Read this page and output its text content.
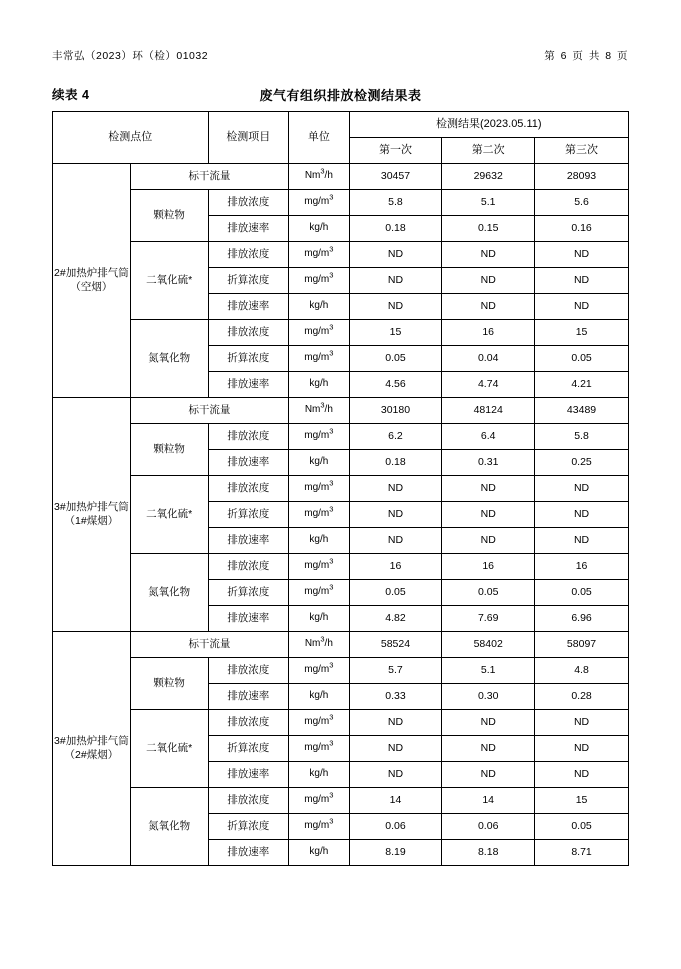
丰常弘（2023）环（检）01032	第 6 页 共 8 页
续表 4	废气有组织排放检测结果表
检测点位		检测项目	单位	检测结果(2023.05.11)		
				第一次	第二次	第三次
2#加热炉排气筒（空烟）	标干流量		Nm$^3$/h	30457	29632	28093
	颗粒物	排放浓度	$mg/m^3$	5.8	5.1	5.6
		排放速率	kg/h	0.18	0.15	0.16
	二氧化硫*	排放浓度	$mg/m^3$	ND	ND	ND
		折算浓度	$mg/m^3$	ND	ND	ND
		排放速率	kg/h	ND	ND	ND
	氮氧化物	排放浓度	$mg/m^3$	15	16	15
		折算浓度	$mg/m^3$	0.05	0.04	0.05
		排放速率	kg/h	4.56	4.74	4.21
3#加热炉排气筒（1#煤烟）	标干流量		Nm$^3$/h	30180	48124	43489
	颗粒物	排放浓度	$mg/m^3$	6.2	6.4	5.8
		排放速率	kg/h	0.18	0.31	0.25
	二氧化硫*	排放浓度	$mg/m^3$	ND	ND	ND
		折算浓度	$mg/m^3$	ND	ND	ND
		排放速率	kg/h	ND	ND	ND
	氮氧化物	排放浓度	$mg/m^3$	16	16	16
		折算浓度	$mg/m^3$	0.05	0.05	0.05
		排放速率	kg/h	4.82	7.69	6.96
3#加热炉排气筒（2#煤烟）	标干流量		Nm$^3$/h	58524	58402	58097
	颗粒物	排放浓度	$mg/m^3$	5.7	5.1	4.8
		排放速率	kg/h	0.33	0.30	0.28
	二氧化硫*	排放浓度	$mg/m^3$	ND	ND	ND
		折算浓度	$mg/m^3$	ND	ND	ND
		排放速率	kg/h	ND	ND	ND
	氮氧化物	排放浓度	$mg/m^3$	14	14	15
		折算浓度	$mg/m^3$	0.06	0.06	0.05
		排放速率	kg/h	8.19	8.18	8.71
